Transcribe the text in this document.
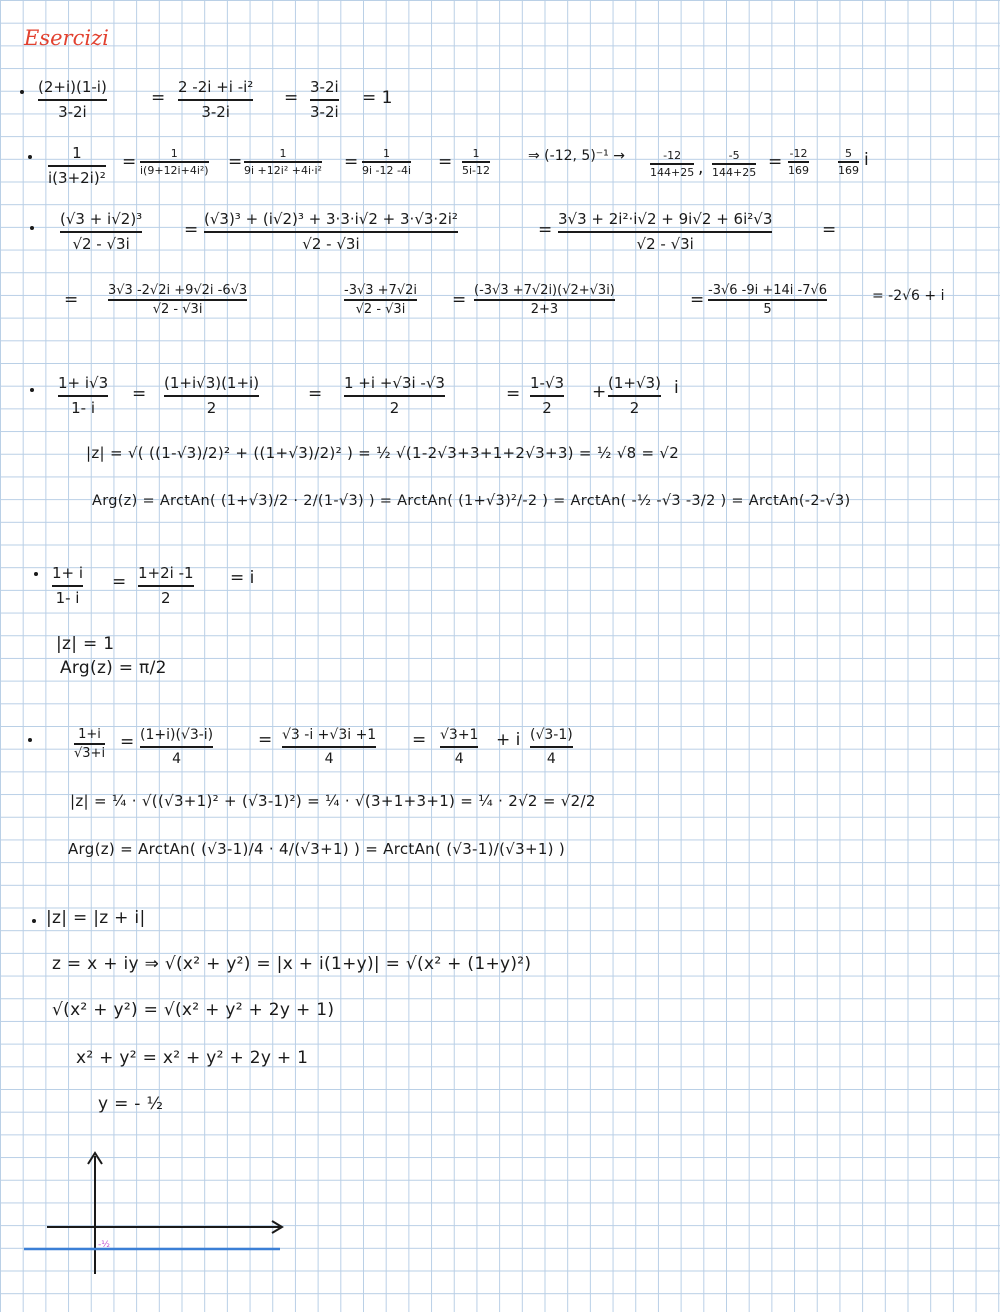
Esercizi
(2+i)(1-i)
3-2i
=
2 -2i +i -i²
3-2i
=
3-2i
3-2i
= 1
1
i(3+2i)²
=	1
i(9+12i+4i²) =	1
9i +12i² +4i·i² = 1
9i -12 -4i = 1
5i-12
⇒ (-12, 5)⁻¹ →	-12
144+25 ,
-5
144+25
= -12
169
5
169
i
(√3 + i√2)³
√2 - √3i
=
(√3)³ + (i√2)³ + 3·3·i√2 + 3·√3·2i²
√2 - √3i
=
3√3 + 2i²·i√2 + 9i√2 + 6i²√3
√2 - √3i
=
= 3√3 -2√2i +9√2i -6√3
√2 - √3i
-3√3 +7√2i
√2 - √3i	= (-3√3 +7√2i)(√2+√3i)
2+3	= -3√6 -9i +14i -7√6
5
= -2√6 + i
1+ i√3
1- i
=
(1+i√3)(1+i)
2
=
1 +i +√3i -√3
2
=
1-√3
2
+ (1+√3)
2
i
|z| = √( ((1-√3)/2)² + ((1+√3)/2)² ) = ½ √(1-2√3+3+1+2√3+3) = ½ √8 = √2
Arg(z) = ArctAn( (1+√3)/2 · 2/(1-√3) ) = ArctAn( (1+√3)²/-2 ) = ArctAn( -½ -√3 -3/2 ) = ArctAn(-2-√3)
1+ i
1- i
= 1+2i -1
2
= i
|z| = 1
Arg(z) = π/2
1+i
√3+i
= (1+i)(√3-i)
4
= √3 -i +√3i +1
4
= √3+1
4
+ i (√3-1)
4
|z| = ¼ · √((√3+1)² + (√3-1)²) = ¼ · √(3+1+3+1) = ¼ · 2√2 = √2/2
Arg(z) = ArctAn( (√3-1)/4 · 4/(√3+1) ) = ArctAn( (√3-1)/(√3+1) )
|z| = |z + i|
z = x + iy ⇒ √(x² + y²) = |x + i(1+y)| = √(x² + (1+y)²)
√(x² + y²) = √(x² + y² + 2y + 1)
x² + y² = x² + y² + 2y + 1
y = - ½
-½
